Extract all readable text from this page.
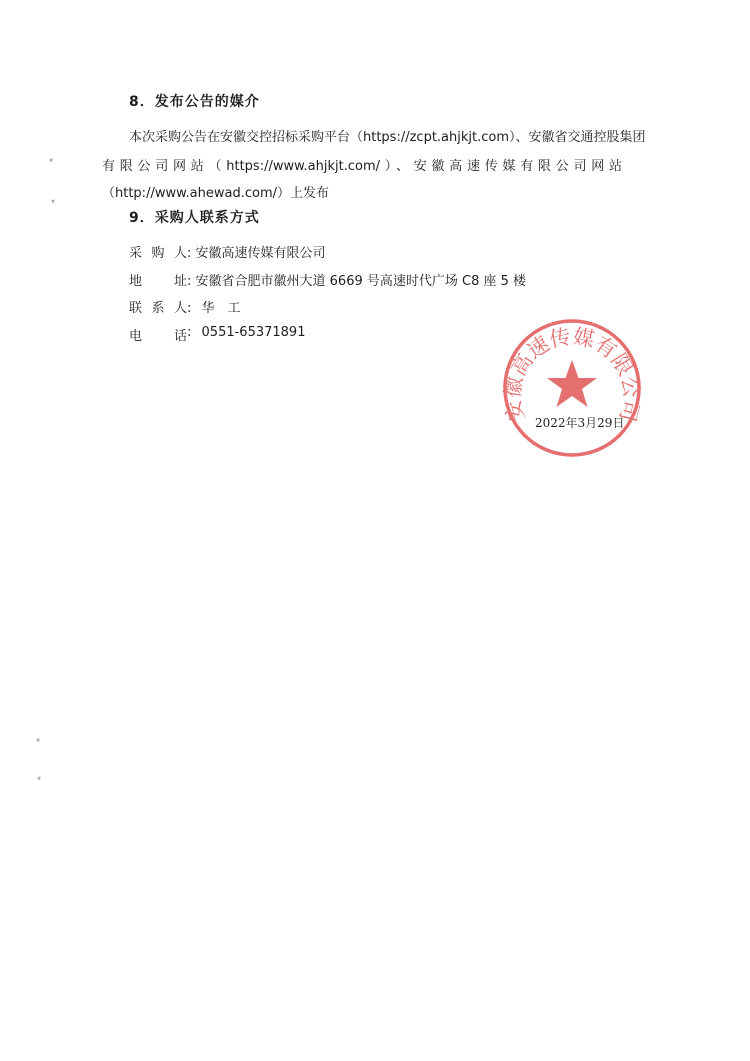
8．发布公告的媒介
本次采购公告在安徽交控招标采购平台（https://zcpt.ahjkjt.com）、安徽省交通控股集团
有限公司网站（https://www.ahjkjt.com/）、安徽高速传媒有限公司网站
（http://www.ahewad.com/）上发布
9．采购人联系方式
采购人 : 安徽高速传媒有限公司
地址 : 安徽省合肥市徽州大道 6669 号高速时代广场 C8 座 5 楼
联系人 : 华　工
电话 : 0551-65371891
安徽高速传媒有限公司
2022年3月29日
#
#
#
#
